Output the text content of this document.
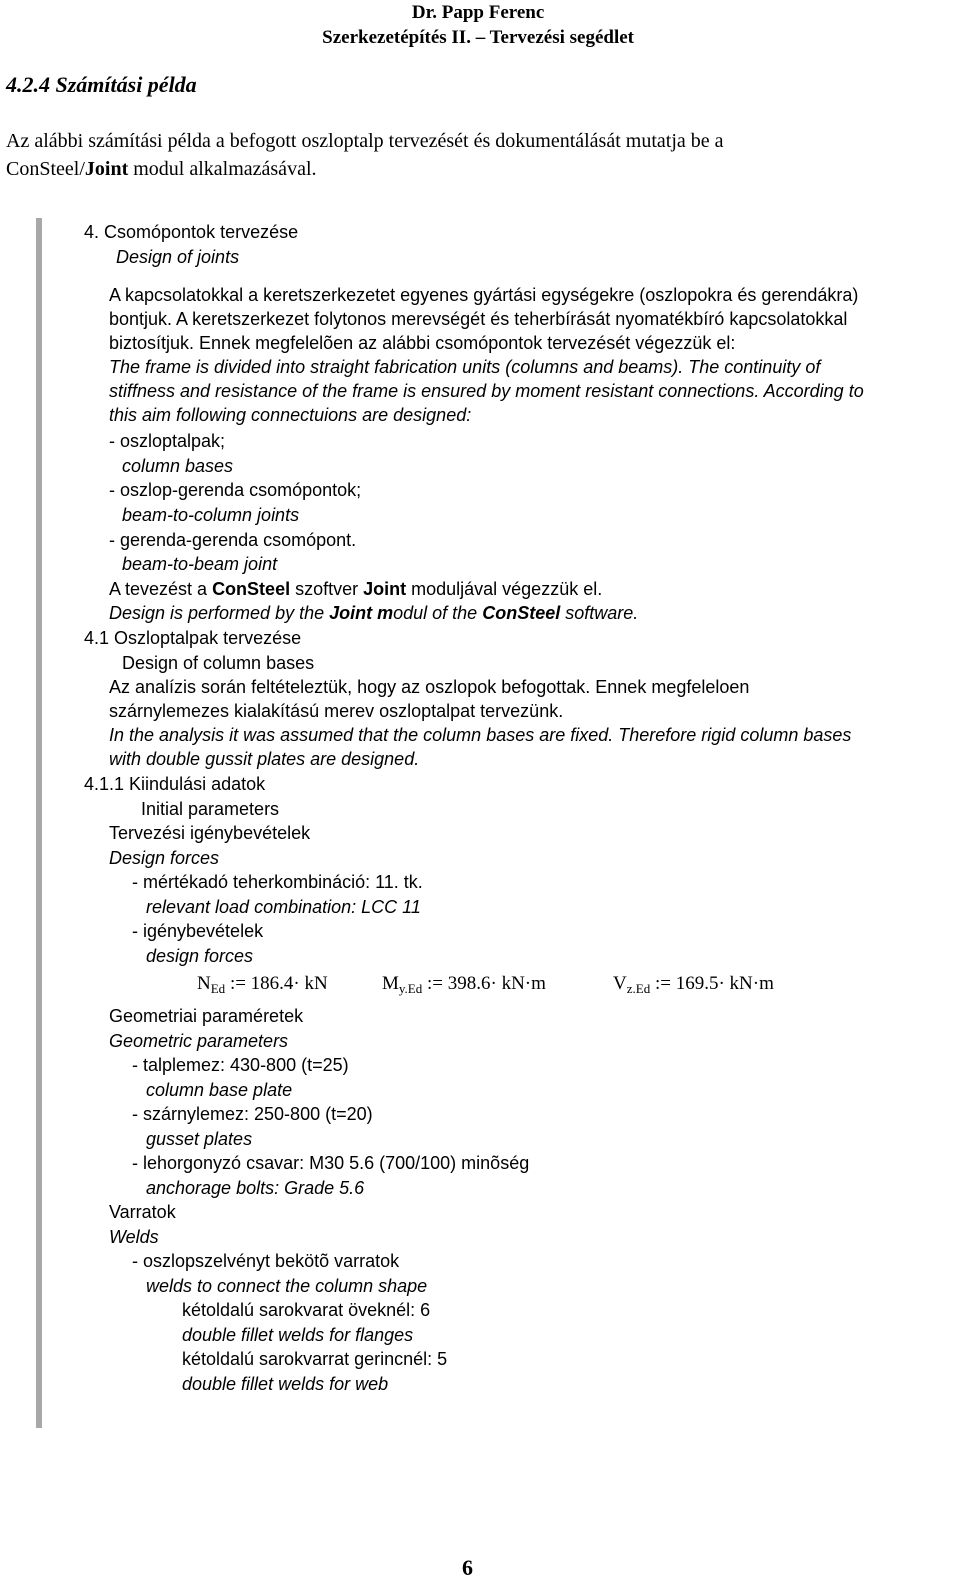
Dr. Papp Ferenc
Szerkezetépítés II. – Tervezési segédlet
4.2.4 Számítási példa
Az alábbi számítási példa a befogott oszloptalp tervezését és dokumentálását mutatja be a
ConSteel/Joint modul alkalmazásával.
4. Csomópontok tervezése
Design of joints
A kapcsolatokkal a keretszerkezetet egyenes gyártási egységekre (oszlopokra és gerendákra)
bontjuk. A keretszerkezet folytonos merevségét és teherbírását nyomatékbíró kapcsolatokkal
biztosítjuk. Ennek megfelelõen az alábbi csomópontok tervezését végezzük el:
The frame is divided into straight fabrication units (columns and beams). The continuity of
stiffness and resistance of the frame is ensured by moment resistant connections. According to
this aim following connectuions are designed:
- oszloptalpak;
column bases
- oszlop-gerenda csomópontok;
beam-to-column joints
- gerenda-gerenda csomópont.
beam-to-beam joint
A tevezést a ConSteel szoftver Joint moduljával végezzük el.
Design is performed by the Joint modul of the ConSteel software.
4.1 Oszloptalpak tervezése
Design of column bases
Az analízis során feltételeztük, hogy az oszlopok befogottak. Ennek megfeleloen
szárnylemezes kialakítású merev oszloptalpat tervezünk.
In the analysis it was assumed that the column bases are fixed. Therefore rigid column bases
with double gussit plates are designed.
4.1.1 Kiindulási adatok
Initial parameters
Tervezési igénybevételek
Design forces
- mértékadó teherkombináció: 11. tk.
relevant load combination: LCC 11
- igénybevételek
design forces
$N_{Ed}$ := 186.4· kN	$M_{y.Ed}$ := 398.6· kN·m	$V_{z.Ed}$ := 169.5· kN·m
Geometriai paraméretek
Geometric parameters
- talplemez: 430-800 (t=25)
column base plate
- szárnylemez: 250-800 (t=20)
gusset plates
- lehorgonyzó csavar: M30 5.6 (700/100) minõség
anchorage bolts: Grade 5.6
Varratok
Welds
- oszlopszelvényt bekötõ varratok
welds to connect the column shape
kétoldalú sarokvarat öveknél: 6
double fillet welds for flanges
kétoldalú sarokvarrat gerincnél: 5
double fillet welds for web
6
